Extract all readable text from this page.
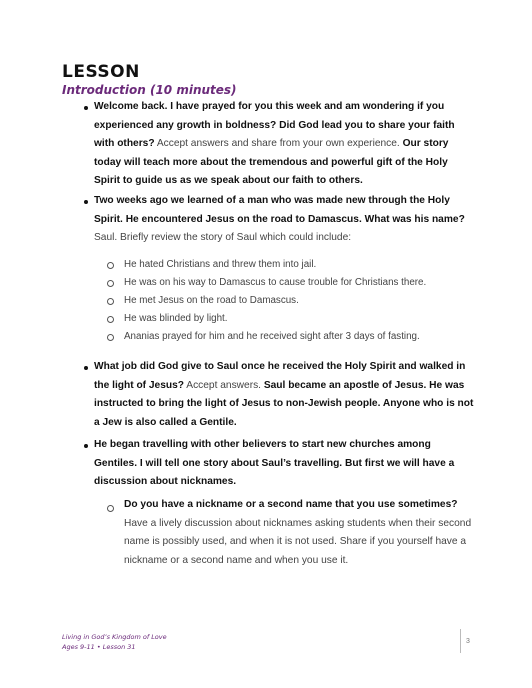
LESSON
Introduction (10 minutes)
Welcome back. I have prayed for you this week and am wondering if you experienced any growth in boldness? Did God lead you to share your faith with others? Accept answers and share from your own experience. Our story today will teach more about the tremendous and powerful gift of the Holy Spirit to guide us as we speak about our faith to others.
Two weeks ago we learned of a man who was made new through the Holy Spirit. He encountered Jesus on the road to Damascus. What was his name? Saul. Briefly review the story of Saul which could include:
He hated Christians and threw them into jail.
He was on his way to Damascus to cause trouble for Christians there.
He met Jesus on the road to Damascus.
He was blinded by light.
Ananias prayed for him and he received sight after 3 days of fasting.
What job did God give to Saul once he received the Holy Spirit and walked in the light of Jesus? Accept answers. Saul became an apostle of Jesus. He was instructed to bring the light of Jesus to non-Jewish people. Anyone who is not a Jew is also called a Gentile.
He began travelling with other believers to start new churches among Gentiles. I will tell one story about Saul’s travelling. But first we will have a discussion about nicknames.
Do you have a nickname or a second name that you use sometimes? Have a lively discussion about nicknames asking students when their second name is possibly used, and when it is not used. Share if you yourself have a nickname or a second name and when you use it.
Living in God’s Kingdom of Love
Ages 9-11 • Lesson 31
3
